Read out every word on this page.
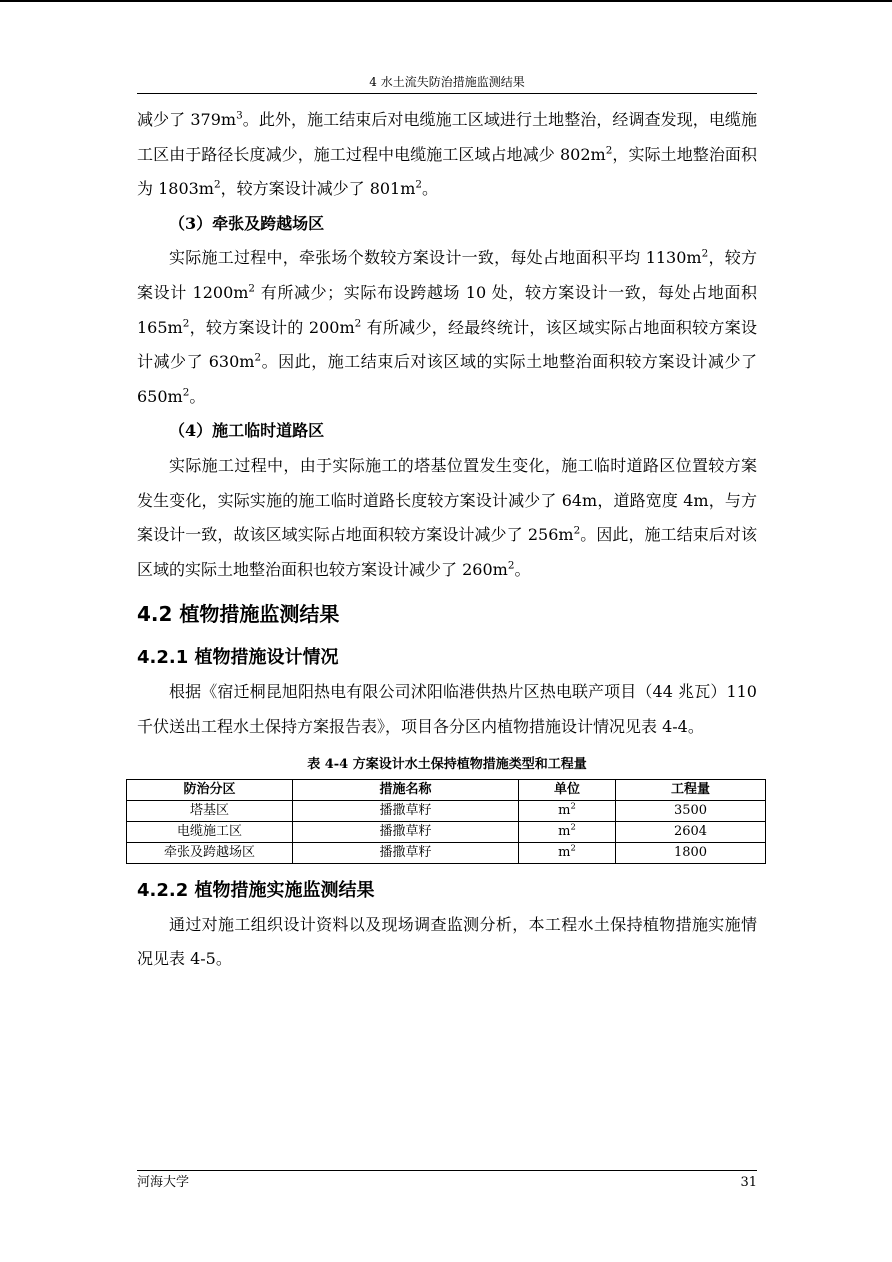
4 水土流失防治措施监测结果

减少了 $379m^3$。此外，施工结束后对电缆施工区域进行土地整治，经调查发现，电缆施工区由于路径长度减少，施工过程中电缆施工区域占地减少 $802m^2$，实际土地整治面积为 $1803m^2$，较方案设计减少了 $801m^2$。

（3）牵张及跨越场区

实际施工过程中，牵张场个数较方案设计一致，每处占地面积平均 $1130m^2$，较方案设计 $1200m^2$ 有所减少；实际布设跨越场 10 处，较方案设计一致，每处占地面积 $165m^2$，较方案设计的 $200m^2$ 有所减少，经最终统计，该区域实际占地面积较方案设计减少了 $630m^2$。因此，施工结束后对该区域的实际土地整治面积较方案设计减少了 $650m^2$。

（4）施工临时道路区

实际施工过程中，由于实际施工的塔基位置发生变化，施工临时道路区位置较方案发生变化，实际实施的施工临时道路长度较方案设计减少了 64m，道路宽度 4m，与方案设计一致，故该区域实际占地面积较方案设计减少了 $256m^2$。因此，施工结束后对该区域的实际土地整治面积也较方案设计减少了 $260m^2$。

4.2 植物措施监测结果
4.2.1 植物措施设计情况

根据《宿迁桐昆旭阳热电有限公司沭阳临港供热片区热电联产项目（44 兆瓦）110 千伏送出工程水土保持方案报告表》，项目各分区内植物措施设计情况见表 4-4。

表 4-4 方案设计水土保持植物措施类型和工程量
防治分区	措施名称	单位	工程量
塔基区	播撒草籽	$m^2$	3500
电缆施工区	播撒草籽	$m^2$	2604
牵张及跨越场区	播撒草籽	$m^2$	1800
4.2.2 植物措施实施监测结果

通过对施工组织设计资料以及现场调查监测分析，本工程水土保持植物措施实施情况见表 4-5。

河海大学	31
